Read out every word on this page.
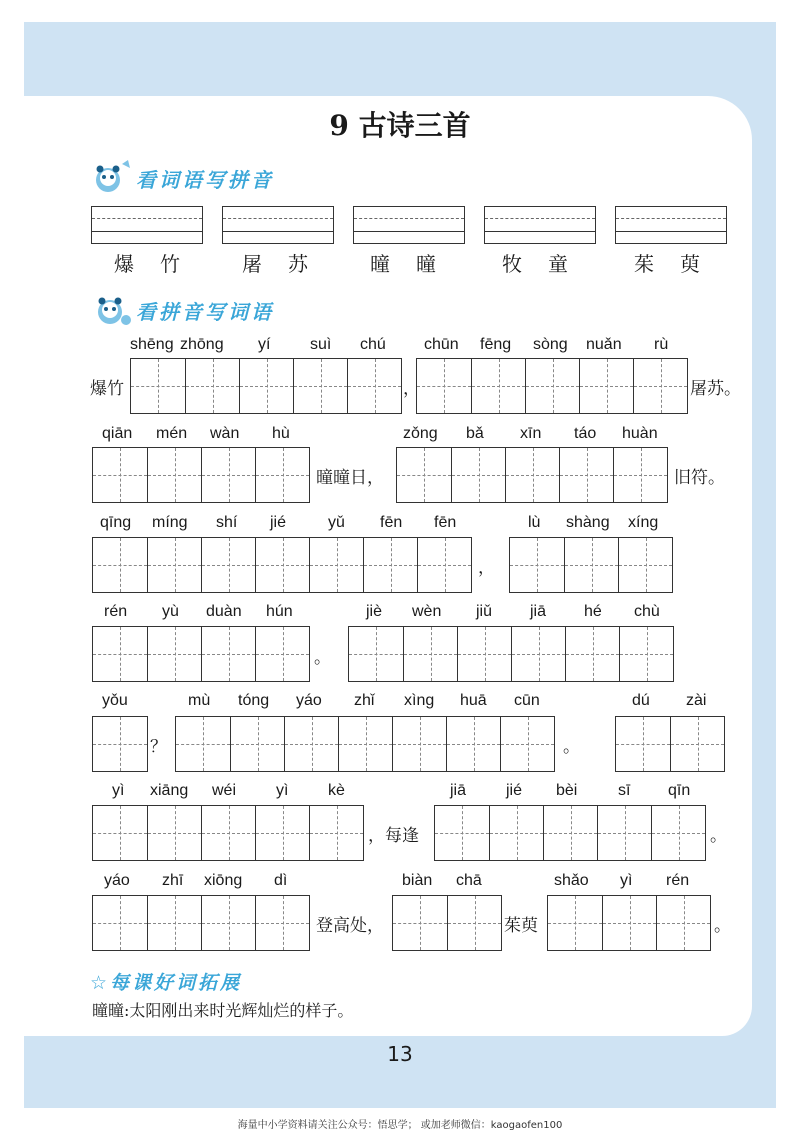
9 古诗三首
看词语写拼音
爆竹 屠苏 曈曈 牧童 茱萸
看拼音写词语
shēng zhōng yí suì chú chūn fēng sòng nuǎn rù
爆竹	，	屠苏。
qiān mén wàn hù	zǒng bǎ xīn táo huàn
曈曈日，	旧符。
qīng míng shí jié	yǔ fēn fēn	lù shàng xíng
，
rén yù duàn hún	jiè wèn jiǔ jiā hé chù
。
yǒu	mù tóng yáo zhǐ xìng huā cūn	dú zài
？	。
yì xiāng wéi yì kè	jiā jié bèi	sī qīn
，每逢	。
yáo zhī xiōng dì	biàn chā	shǎo yì rén
登高处，	茱萸	。
☆每课好词拓展
曈曈:太阳刚出来时光辉灿烂的样子。
13
海量中小学资料请关注公众号：悟思学； 或加老师微信：kaogaofen100
